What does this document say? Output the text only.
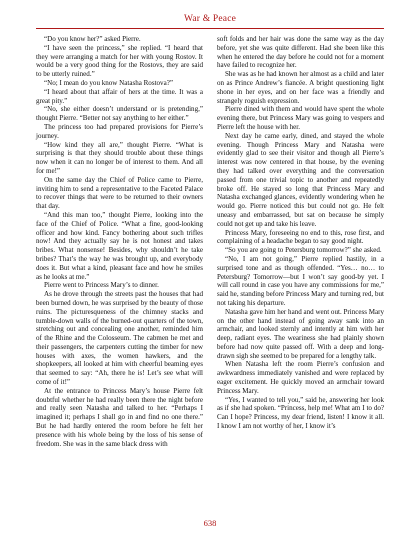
War & Peace

“Do you know her?” asked Pierre.

“I have seen the princess,” she replied. “I heard that they were arranging a match for her with young Rostov. It would be a very good thing for the Rostovs, they are said to be utterly ruined.”

“No; I mean do you know Natasha Rostova?”

“I heard about that affair of hers at the time. It was a great pity.”

“No, she either doesn’t understand or is pretending,” thought Pierre. “Better not say anything to her either.”

The princess too had prepared provisions for Pierre’s journey.

“How kind they all are,” thought Pierre. “What is surprising is that they should trouble about these things now when it can no longer be of interest to them. And all for me!”

On the same day the Chief of Police came to Pierre, inviting him to send a representative to the Faceted Palace to recover things that were to be returned to their owners that day.

“And this man too,” thought Pierre, looking into the face of the Chief of Police. “What a fine, good-looking officer and how kind. Fancy bothering about such trifles now! And they actually say he is not honest and takes bribes. What nonsense! Besides, why shouldn’t he take bribes? That’s the way he was brought up, and everybody does it. But what a kind, pleasant face and how he smiles as he looks at me.”

Pierre went to Princess Mary’s to dinner.

As he drove through the streets past the houses that had been burned down, he was surprised by the beauty of those ruins. The picturesqueness of the chimney stacks and tumble-down walls of the burned-out quarters of the town, stretching out and concealing one another, reminded him of the Rhine and the Colosseum. The cabmen he met and their passengers, the carpenters cutting the timber for new houses with axes, the women hawkers, and the shopkeepers, all looked at him with cheerful beaming eyes that seemed to say: “Ah, there he is! Let’s see what will come of it!”

At the entrance to Princess Mary’s house Pierre felt doubtful whether he had really been there the night before and really seen Natasha and talked to her. “Perhaps I imagined it; perhaps I shall go in and find no one there.” But he had hardly entered the room before he felt her presence with his whole being by the loss of his sense of freedom. She was in the same black dress with

soft folds and her hair was done the same way as the day before, yet she was quite different. Had she been like this when he entered the day before he could not for a moment have failed to recognize her.

She was as he had known her almost as a child and later on as Prince Andrew’s fiancée. A bright questioning light shone in her eyes, and on her face was a friendly and strangely roguish expression.

Pierre dined with them and would have spent the whole evening there, but Princess Mary was going to vespers and Pierre left the house with her.

Next day he came early, dined, and stayed the whole evening. Though Princess Mary and Natasha were evidently glad to see their visitor and though all Pierre’s interest was now centered in that house, by the evening they had talked over everything and the conversation passed from one trivial topic to another and repeatedly broke off. He stayed so long that Princess Mary and Natasha exchanged glances, evidently wondering when he would go. Pierre noticed this but could not go. He felt uneasy and embarrassed, but sat on because he simply could not get up and take his leave.

Princess Mary, foreseeing no end to this, rose first, and complaining of a headache began to say good night.

“So you are going to Petersburg tomorrow?” she asked.

“No, I am not going,” Pierre replied hastily, in a surprised tone and as though offended. “Yes… no… to Petersburg? Tomorrow—but I won’t say good-by yet. I will call round in case you have any commissions for me,” said he, standing before Princess Mary and turning red, but not taking his departure.

Natasha gave him her hand and went out. Princess Mary on the other hand instead of going away sank into an armchair, and looked sternly and intently at him with her deep, radiant eyes. The weariness she had plainly shown before had now quite passed off. With a deep and long-drawn sigh she seemed to be prepared for a lengthy talk.

When Natasha left the room Pierre’s confusion and awkwardness immediately vanished and were replaced by eager excitement. He quickly moved an armchair toward Princess Mary.

“Yes, I wanted to tell you,” said he, answering her look as if she had spoken. “Princess, help me! What am I to do? Can I hope? Princess, my dear friend, listen! I know it all. I know I am not worthy of her, I know it’s

638
